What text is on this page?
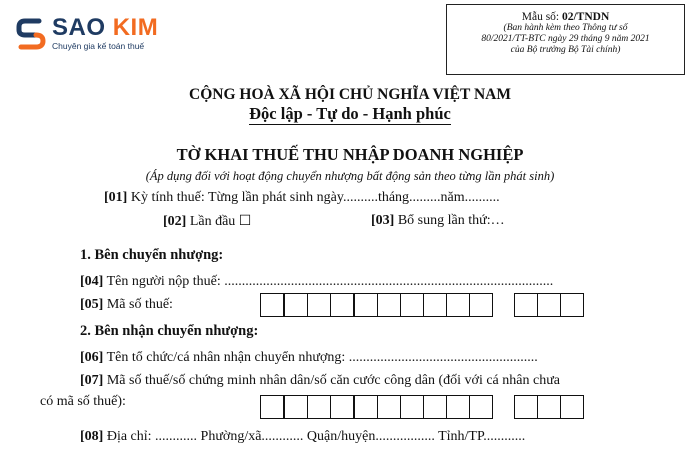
SAO KIM
Chuyên gia kế toán thuế
Mẫu số: 02/TNDN
(Ban hành kèm theo Thông tư số
80/2021/TT-BTC ngày 29 tháng 9 năm 2021
của Bộ trưởng Bộ Tài chính)
CỘNG HOÀ XÃ HỘI CHỦ NGHĨA VIỆT NAM
Độc lập - Tự do - Hạnh phúc
TỜ KHAI THUẾ THU NHẬP DOANH NGHIỆP
(Áp dụng đối với hoạt động chuyển nhượng bất động sản theo từng lần phát sinh)
[01] Kỳ tính thuế: Từng lần phát sinh ngày..........tháng.........năm..........
[02] Lần đầu ☐	[03] Bổ sung lần thứ:…
1. Bên chuyển nhượng:
[04] Tên người nộp thuế: ..............................................................................................
[05] Mã số thuế:
2. Bên nhận chuyển nhượng:
[06] Tên tổ chức/cá nhân nhận chuyển nhượng: ......................................................
[07] Mã số thuế/số chứng minh nhân dân/số căn cước công dân (đối với cá nhân chưa
có mã số thuế):
[08] Địa chỉ: ............ Phường/xã............ Quận/huyện................. Tỉnh/TP............
